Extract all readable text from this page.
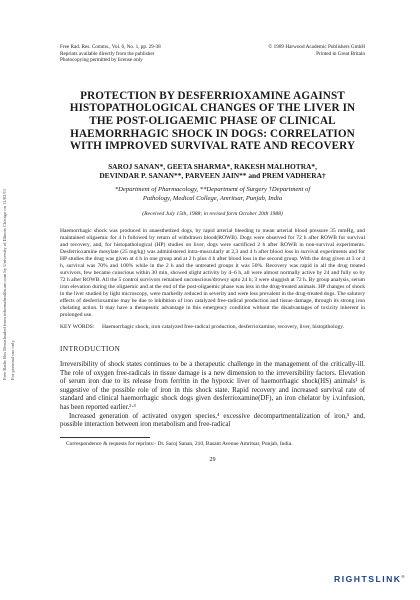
Free Radic Res Downloaded from informahealthcare.com by University of Illinois Chicago on 11/02/11 For personal use only.
Free Rad. Res. Comms., Vol. 6, No. 1, pp. 29-38
Reprints available directly from the publisher
Photocopying permitted by license only
© 1989 Harwood Academic Publishers GmbH
Printed in Great Britain
PROTECTION BY DESFERRIOXAMINE AGAINST HISTOPATHOLOGICAL CHANGES OF THE LIVER IN THE POST-OLIGAEMIC PHASE OF CLINICAL HAEMORRHAGIC SHOCK IN DOGS: CORRELATION WITH IMPROVED SURVIVAL RATE AND RECOVERY
SAROJ SANAN*, GEETA SHARMA*, RAKESH MALHOTRA*,
DEVINDAR P. SANAN**, PARVEEN JAIN** and PREM VADHERA†
*Department of Pharmacology, **Department of Surgery †Department of
Pathology, Medical College, Amritsar, Punjab, India
(Received July 15th, 1988; in revised form October 20th 1988)
Haemorrhagic shock was produced in anaesthetized dogs, by rapid arterial bleeding to mean arterial blood pressure 35 mmHg, and maintained oligaemic for 4 h followed by return of withdrawn blood(ROWB). Dogs were observed for 72 h after ROWB for survival and recovery, and, for histopathological (HP) studies on liver, dogs were sacrificed 2 h after ROWB in non-survival experiments. Desferrioxamine mesylate (25 mg/kg) was administered intra-muscularly at 2,3 and 4 h after blood loss in survival experiments and for HP studies the drug was given at 4 h in one group and at 2 h plus 4 h after blood loss in the second group. With the drug given at 3 or 4 h, survival was 70% and 100% while in the 2 h and the untreated groups it was 50%. Recovery was rapid in all the drug treated survivors, few became conscious within 30 min, showed slight activity by 4–6 h, all were almost normally active by 24 and fully so by 72 h after ROWB. All the 5 control survivors remained unconscious/drowsy upto 24 h; 3 were sluggish at 72 h. By group analysis, serum iron elevation during the oligaemic and at the end of the post-oligaemic phase was less in the drug-treated animals. HP changes of shock in the liver studied by light microscopy, were markedly reduced in severity and were less prevalent in the drug-treated dogs. The salutory effects of desferrioxamine may be due to inhibition of iron catalyzed free-radical production and tissue damage, through its strong iron chelating action. It may have a therapeutic advantage in this emergency condition without the disadvantages of toxicity inherent in prolonged use.
KEY WORDS:	Haemorrhagic shock, iron catalyzed free-radical production, desferrioxamine, recovery, liver, histopthology.
INTRODUCTION

Irreversibility of shock states continues to be a therapeutic challenge in the management of the critically-ill. The role of oxygen free-radicals in tissue damage is a new dimension to the irreversibility factors. Elevation of serum iron due to its release from ferritin in the hypoxic liver of haemorrhagic shock(HS) animals¹ is suggestive of the possible role of iron in this shock state. Rapid recovery and increased survival rate of standard and clinical haemorrhagic shock dogs given desferrioxamine(DF), an iron chelator by i.v.infusion, has been reported earlier.²·³

Increased generation of activated oxygen species,⁴ excessive decompartmentalization of iron,⁵ and, possible interaction between iron metabolism and free-radical

Correspondence & requests for reprints:- Dr. Saroj Sanan, 210, Basant Avenue Amritsar, Punjab, India.
29
RIGHTSLINK®
